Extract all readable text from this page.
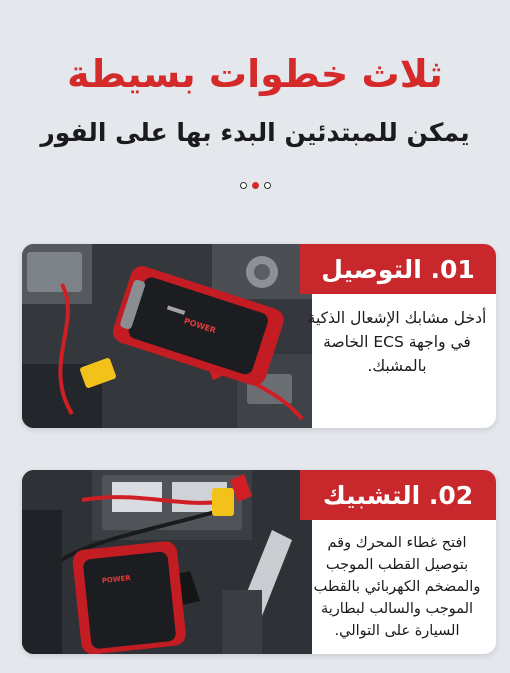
ثلاث خطوات بسيطة
يمكن للمبتدئين البدء بها على الفور
POWER
01. التوصيل
أدخل مشابك الإشعال الذكية في واجهة ECS الخاصة بالمشبك.
POWER
02. التشبيك
افتح غطاء المحرك وقم بتوصيل القطب الموجب والمضخم الكهربائي بالقطب الموجب والسالب لبطارية السيارة على التوالي.
